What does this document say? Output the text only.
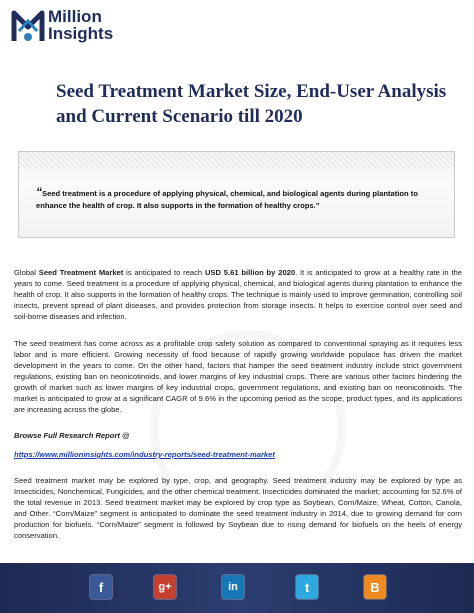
Million
Insights
Seed Treatment Market Size, End-User Analysis and Current Scenario till 2020

“Seed treatment is a procedure of applying physical, chemical, and biological agents during plantation to enhance the health of crop. It also supports in the formation of healthy crops.”

Global Seed Treatment Market is anticipated to reach USD 5.61 billion by 2020. It is anticipated to grow at a healthy rate in the years to come. Seed treatment is a procedure of applying physical, chemical, and biological agents during plantation to enhance the health of crop. It also supports in the formation of healthy crops. The technique is mainly used to improve germination, controlling soil insects, prevent spread of plant diseases, and provides protection from storage insects. It helps to exercise control over seed and soil-borne diseases and infection.

The seed treatment has come across as a profitable crop safety solution as compared to conventional spraying as it requires less labor and is more efficient. Growing necessity of food because of rapidly growing worldwide populace has driven the market development in the years to come. On the other hand, factors that hamper the seed treatment industry include strict government regulations, existing ban on neonicotinoids, and lower margins of key industrial crops. There are various other factors hindering the growth of market such as lower margins of key industrial crops, government regulations, and existing ban on neonicotinoids. The market is anticipated to grow at a significant CAGR of 9.6% in the upcoming period as the scope, product types, and its applications are increasing across the globe.

Browse Full Research Report @

https://www.millioninsights.com/industry-reports/seed-treatment-market

Seed treatment market may be explored by type, crop, and geography. Seed treatment industry may be explored by type as Insecticides, Nonchemical, Fungicides, and the other chemical treatment. Insecticides dominated the market; accounting for 52.6% of the total revenue in 2013. Seed treatment market may be explored by crop type as Soybean, Corn/Maize, Wheat, Cotton, Canola, and Other. “Corn/Maize” segment is anticipated to dominate the seed treatment industry in 2014, due to growing demand for corn production for biofuels. “Corn/Maize” segment is followed by Soybean due to rising demand for biofuels on the heels of energy conservation.

f	g+	in	t	B
